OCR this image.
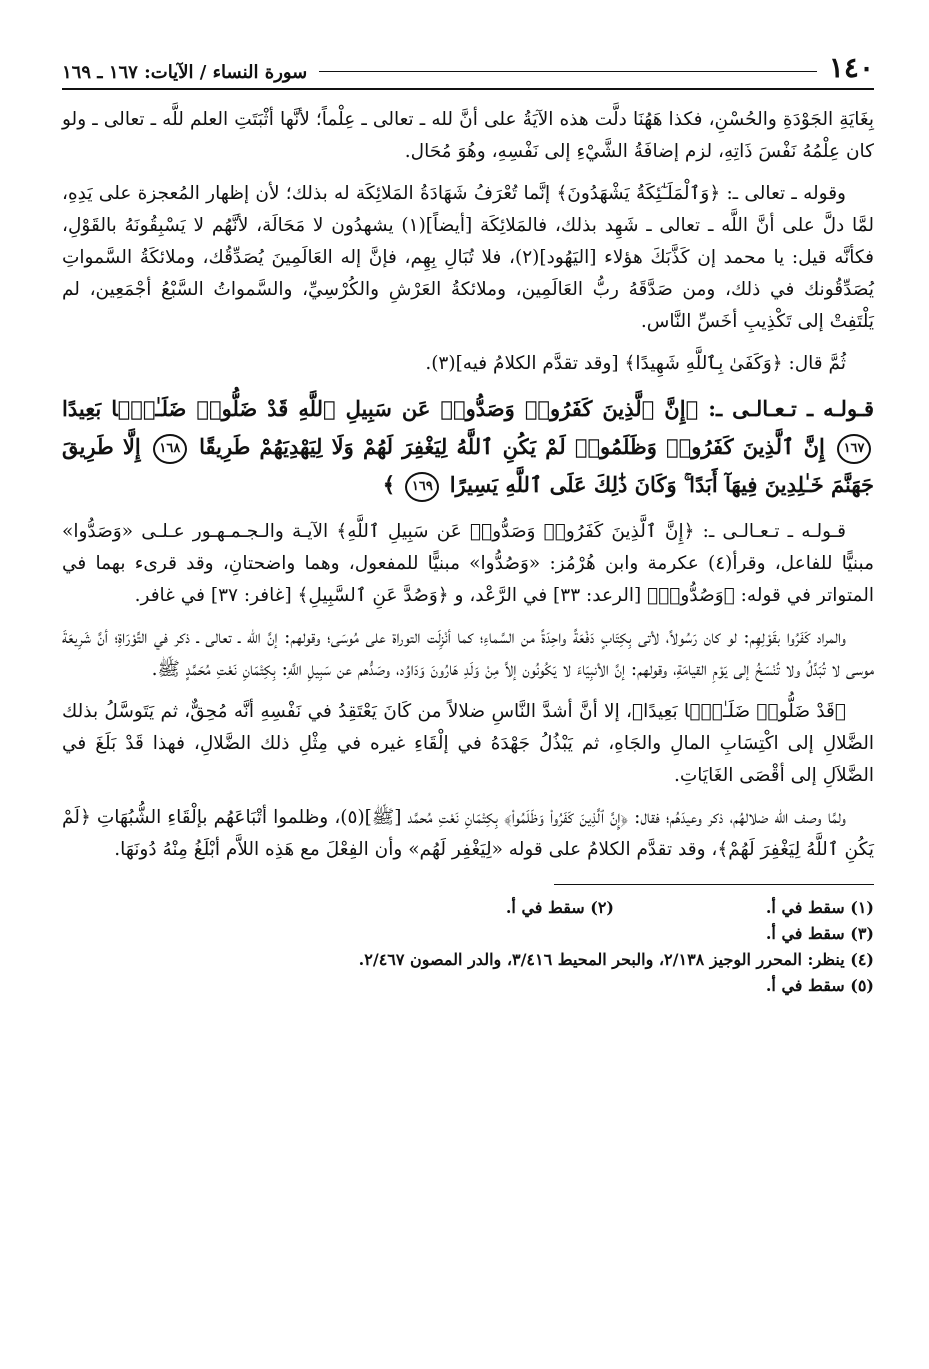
١٤٠
سورة النساء / الآيات: ١٦٧ ـ ١٦٩

بِغَايَةِ الجَوْدَةِ والحُسْنِ، فكذا هَهُنَا دلَّت هذه الآيَةُ على أنَّ لله ـ تعالى ـ عِلْماً؛ لأنَّها أثْبَتَتِ العلم للَّه ـ تعالى ـ ولو كان عِلْمُهُ نَفْسَ ذَاتِهِ، لزم إضافَةُ الشَّيْءِ إلى نَفْسِهِ، وهُوَ مُحَال.

وقوله ـ تعالى ـ: ﴿وَٱلْمَلَـٰٓئِكَةُ يَشْهَدُونَ﴾ إنَّما تُعْرَفُ شَهَادَةُ المَلائِكَة له بذلك؛ لأن إظهار المُعجزة على يَدِهِ، لمَّا دلَّ على أنَّ اللَّه ـ تعالى ـ شَهِد بذلك، فالمَلائِكَة [أيضاً](١) يشهدُون لا مَحَالَة، لأنَّهُم لا يَسْبِقُونَهُ بالقَوْلِ، فكأنَّه قيل: يا محمد إن كَذَّبَكَ هؤلاء [اليَهُود](٢)، فلا تُبَالِ بِهِم، فإنَّ إله العَالَمِينَ يُصَدِّقُك، وملائكَةُ السَّمواتِ يُصَدِّقُونك في ذلك، ومن صَدَّقَهُ ربُّ العَالَمِين، وملائكةُ العَرْشِ والكُرْسِيِّ، والسَّمواتُ السَّبْعُ أجْمَعِين، لم يَلْتَفِتْ إلى تَكْذِيبِ أخَسِّ النَّاس.

ثُمَّ قال: ﴿وَكَفَىٰ بِٱللَّهِ شَهِيدًا﴾ [وقد تقدَّم الكلامُ فيه](٣).

قـولـه ـ تـعـالـى ـ: ﴿إِنَّ ٱلَّذِينَ كَفَرُوا۟ وَصَدُّوا۟ عَن سَبِيلِ ٱللَّهِ قَدْ ضَلُّوا۟ ضَلَـٰلًۢا بَعِيدًا ١٦٧ إِنَّ ٱلَّذِينَ كَفَرُوا۟ وَظَلَمُوا۟ لَمْ يَكُنِ ٱللَّهُ لِيَغْفِرَ لَهُمْ وَلَا لِيَهْدِيَهُمْ طَرِيقًا ١٦٨ إِلَّا طَرِيقَ جَهَنَّمَ خَـٰلِدِينَ فِيهَآ أَبَدًا ۚ وَكَانَ ذَٰلِكَ عَلَى ٱللَّهِ يَسِيرًا ١٦٩ ﴾

قـولـه ـ تـعـالـى ـ: ﴿إِنَّ ٱلَّذِينَ كَفَرُوا۟ وَصَدُّوا۟ عَن سَبِيلِ ٱللَّهِ﴾ الآيـة والـجـمـهـور عـلـى «وَصَدُّوا» مبنيًّا للفاعل، وقرأ(٤) عكرمة وابن هُرْمُز: «وَصُدُّوا» مبنيًّا للمفعول، وهما واضحتانِ، وقد قرىء بهما في المتواتر في قوله: ﴿وَصُدُّوا۟﴾ [الرعد: ٣٣] في الرَّعْد، و ﴿وَصُدَّ عَنِ ٱلسَّبِيلِ﴾ [غافر: ٣٧] في غافر.

والمراد كَفَرُوا بقَوْلِهِم: لو كان رَسُولاً، لأتى بِكِتَابٍ دَفْعَةً واحِدَةً من السَّماءِ؛ كما أنْزِلَت التوراة على مُوسَى؛ وقولهم: إنَّ الله ـ تعالى ـ ذكر في التَّوْرَاةِ؛ أنَّ شَرِيعَةَ موسى لا تُبَدَّلُ ولا تُنْسَخُ إلى يَوْمِ القيامَةِ، وقولهم: إنَّ الأنبِيَاءَ لا يَكُونُون إلاَّ مِنْ وَلَدِ هَارُونَ وَدَاوُد، وصَدُّهم عن سَبِيلِ اللَّهِ: بِكِتْمَانِ نَعْتِ مُحَمَّدٍ ﷺ.

﴿قَدْ ضَلُّوا۟ ضَلَـٰلًۢا بَعِيدًا﴾، إلا أنَّ أشدَّ النَّاسِ ضلالاً من كَانَ يَعْتَقِدُ في نَفْسِهِ أنَّه مُحِقٌّ، ثم يَتَوسَّلُ بذلك الضَّلالِ إلى اكْتِسَابِ المالِ والجَاهِ، ثم يَبْذُلُ جَهْدَهُ في إلْقَاءِ غيره في مِثْلِ ذلك الضَّلالِ، فهذا قَدْ بَلَغَ في الضَّلاَلِ إلى أقْصَى الغَايَاتِ.

ولمَّا وصف الله ضلالهُم، ذكر وعيدَهُم؛ فقال: ﴿إِنَّ ٱلَّذِينَ كَفَرُوا۟ وَظَلَمُوا۟﴾ بِكِتْمَانِ نَعْتِ مُحمَّد [ﷺ](٥)، وظلموا أتْبَاعَهُم بإلْقَاءِ الشُّبُهَاتِ ﴿لَمْ يَكُنِ ٱللَّهُ لِيَغْفِرَ لَهُمْ﴾، وقد تقدَّم الكلامُ على قوله «لِيَغْفِر لَهُم» وأن الفِعْلَ مع هَذِه اللاَّم أبْلَغُ مِنْهُ دُونَهَا.

(١) سقط في أ.
(٢) سقط في أ.
(٣) سقط في أ.
(٤) ينظر: المحرر الوجيز ٢/١٣٨، والبحر المحيط ٣/٤١٦، والدر المصون ٢/٤٦٧.
(٥) سقط في أ.
